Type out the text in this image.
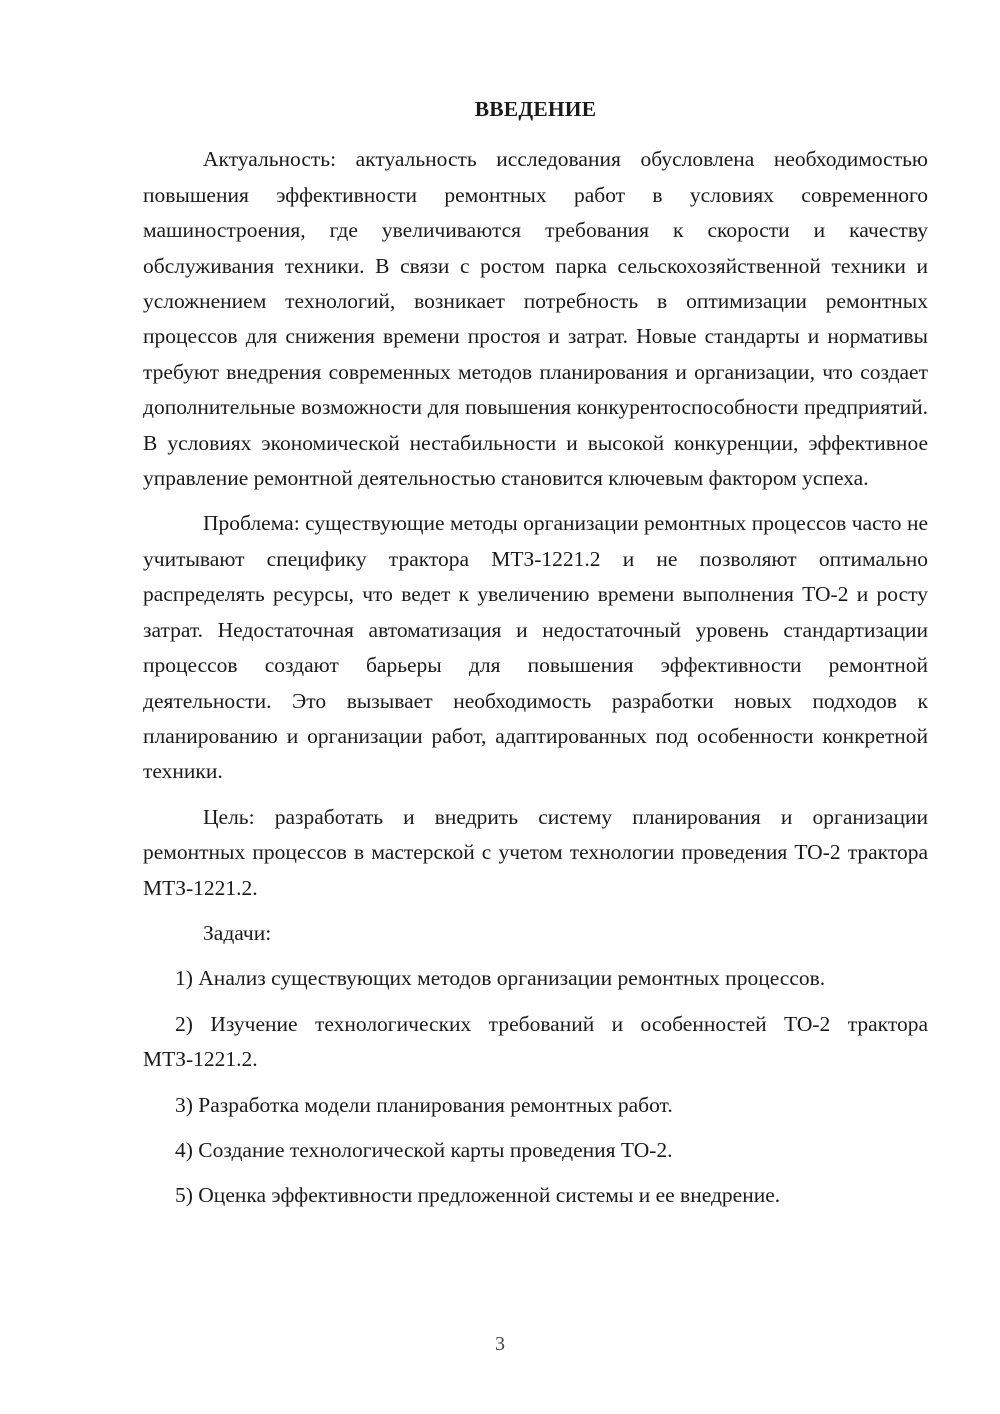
ВВЕДЕНИЕ

Актуальность: актуальность исследования обусловлена необходимостью повышения эффективности ремонтных работ в условиях современного машиностроения, где увеличиваются требования к скорости и качеству обслуживания техники. В связи с ростом парка сельскохозяйственной техники и усложнением технологий, возникает потребность в оптимизации ремонтных процессов для снижения времени простоя и затрат. Новые стандарты и нормативы требуют внедрения современных методов планирования и организации, что создает дополнительные возможности для повышения конкурентоспособности предприятий. В условиях экономической нестабильности и высокой конкуренции, эффективное управление ремонтной деятельностью становится ключевым фактором успеха.

Проблема: существующие методы организации ремонтных процессов часто не учитывают специфику трактора МТЗ-1221.2 и не позволяют оптимально распределять ресурсы, что ведет к увеличению времени выполнения ТО-2 и росту затрат. Недостаточная автоматизация и недостаточный уровень стандартизации процессов создают барьеры для повышения эффективности ремонтной деятельности. Это вызывает необходимость разработки новых подходов к планированию и организации работ, адаптированных под особенности конкретной техники.

Цель: разработать и внедрить систему планирования и организации ремонтных процессов в мастерской с учетом технологии проведения ТО-2 трактора МТЗ-1221.2.

Задачи:

1) Анализ существующих методов организации ремонтных процессов.

2) Изучение технологических требований и особенностей ТО-2 трактора МТЗ-1221.2.

3) Разработка модели планирования ремонтных работ.

4) Создание технологической карты проведения ТО-2.

5) Оценка эффективности предложенной системы и ее внедрение.

3
